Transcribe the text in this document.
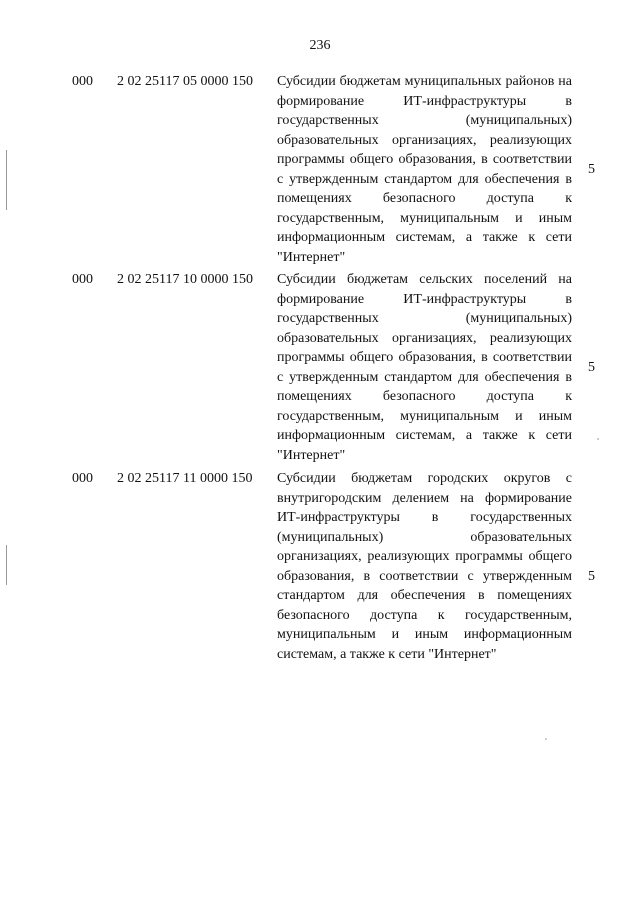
236
000 2 02 25117 05 0000 150 Субсидии бюджетам муниципальных районов на формирование ИТ-инфраструктуры в государственных (муниципальных) образовательных организациях, реализующих программы общего образования, в соответствии с утвержденным стандартом для обеспечения в помещениях безопасного доступа к государственным, муниципальным и иным информационным системам, а также к сети "Интернет"
5
000 2 02 25117 10 0000 150 Субсидии бюджетам сельских поселений на формирование ИТ-инфраструктуры в государственных (муниципальных) образовательных организациях, реализующих программы общего образования, в соответствии с утвержденным стандартом для обеспечения в помещениях безопасного доступа к государственным, муниципальным и иным информационным системам, а также к сети "Интернет"
5
000 2 02 25117 11 0000 150 Субсидии бюджетам городских округов с внутригородским делением на формирование ИТ-инфраструктуры в государственных (муниципальных) образовательных организациях, реализующих программы общего образования, в соответствии с утвержденным стандартом для обеспечения в помещениях безопасного доступа к государственным, муниципальным и иным информационным системам, а также к сети "Интернет"
5
